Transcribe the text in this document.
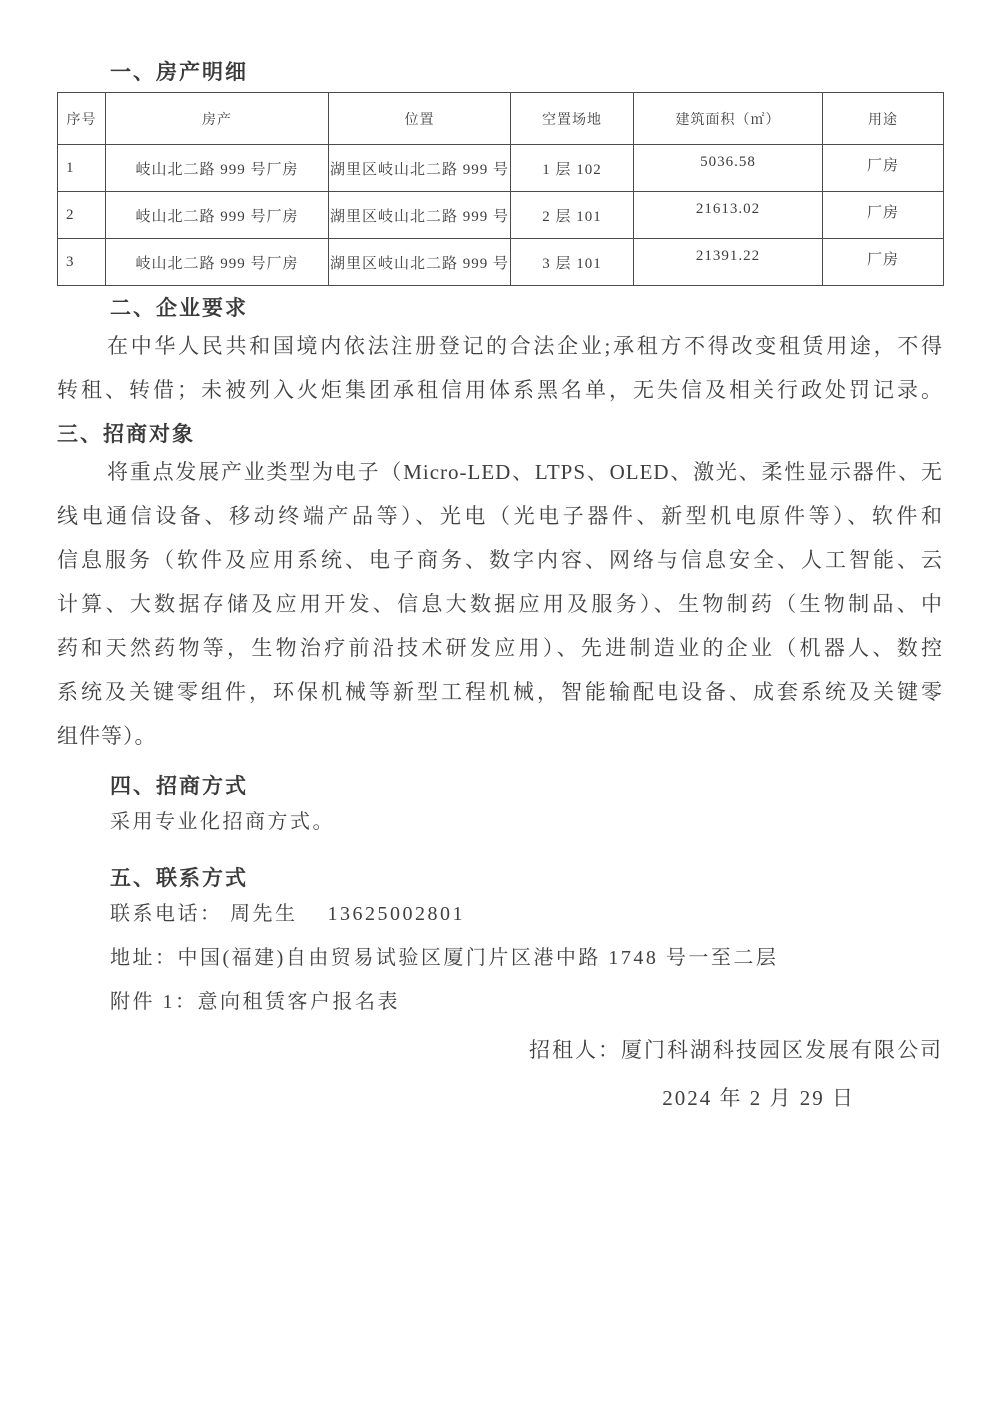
一、房产明细
序号	房产	位置	空置场地	建筑面积（㎡）	用途
1	岐山北二路 999 号厂房	湖里区岐山北二路 999 号	1 层 102	5036.58	厂房
2	岐山北二路 999 号厂房	湖里区岐山北二路 999 号	2 层 101	21613.02	厂房
3	岐山北二路 999 号厂房	湖里区岐山北二路 999 号	3 层 101	21391.22	厂房
二、企业要求
在中华人民共和国境内依法注册登记的合法企业;承租方不得改变租赁用途，不得
转租、转借；未被列入火炬集团承租信用体系黑名单，无失信及相关行政处罚记录。
三、招商对象
将重点发展产业类型为电子（Micro-LED、LTPS、OLED、激光、柔性显示器件、无
线电通信设备、移动终端产品等）、光电（光电子器件、新型机电原件等）、软件和
信息服务（软件及应用系统、电子商务、数字内容、网络与信息安全、人工智能、云
计算、大数据存储及应用开发、信息大数据应用及服务）、生物制药（生物制品、中
药和天然药物等，生物治疗前沿技术研发应用）、先进制造业的企业（机器人、数控
系统及关键零组件，环保机械等新型工程机械，智能输配电设备、成套系统及关键零
组件等）。
四、招商方式
采用专业化招商方式。
五、联系方式
联系电话： 周先生　 13625002801
地址：中国(福建)自由贸易试验区厦门片区港中路 1748 号一至二层
附件 1：意向租赁客户报名表
招租人：厦门科湖科技园区发展有限公司
2024 年 2 月 29 日
